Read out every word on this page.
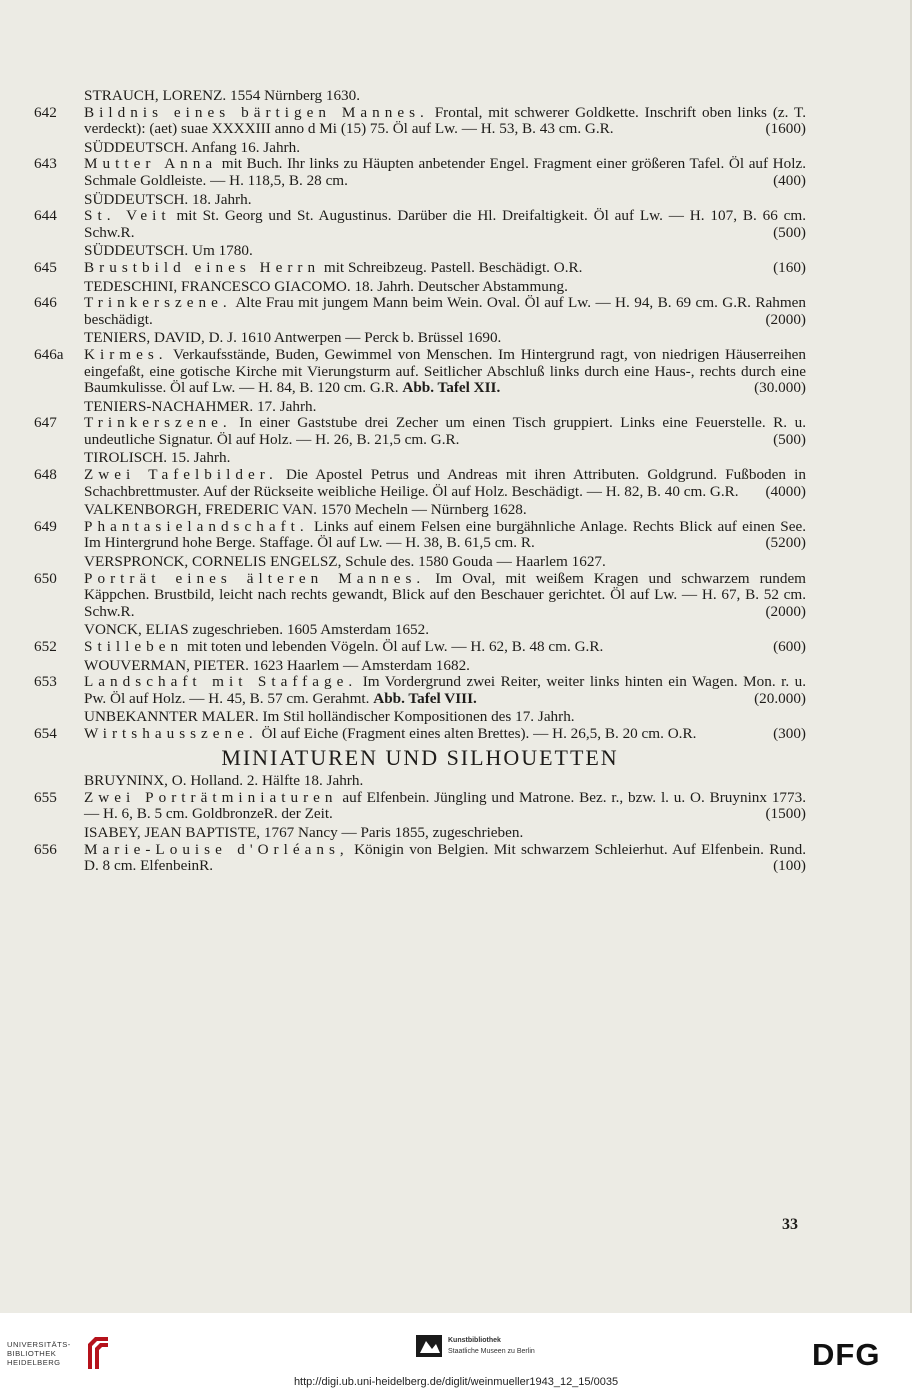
STRAUCH, LORENZ. 1554 Nürnberg 1630.
642	Bildnis eines bärtigen Mannes. Frontal, mit schwerer Goldkette. Inschrift oben links (z. T. verdeckt): (aet) suae XXXXIII anno d Mi (15) 75. Öl auf Lw. — H. 53, B. 43 cm. G.R.	(1600)
SÜDDEUTSCH. Anfang 16. Jahrh.
643	Mutter Anna mit Buch. Ihr links zu Häupten anbetender Engel. Fragment einer größeren Tafel. Öl auf Holz. Schmale Goldleiste. — H. 118,5, B. 28 cm.	(400)
SÜDDEUTSCH. 18. Jahrh.
644	St. Veit mit St. Georg und St. Augustinus. Darüber die Hl. Dreifaltigkeit. Öl auf Lw. — H. 107, B. 66 cm. Schw.R.	(500)
SÜDDEUTSCH. Um 1780.
645	Brustbild eines Herrn mit Schreibzeug. Pastell. Beschädigt. O.R.	(160)
TEDESCHINI, FRANCESCO GIACOMO. 18. Jahrh. Deutscher Abstammung.
646	Trinkerszene. Alte Frau mit jungem Mann beim Wein. Oval. Öl auf Lw. — H. 94, B. 69 cm. G.R. Rahmen beschädigt.	(2000)
TENIERS, DAVID, D. J. 1610 Antwerpen — Perck b. Brüssel 1690.
646a	Kirmes. Verkaufsstände, Buden, Gewimmel von Menschen. Im Hintergrund ragt, von niedrigen Häuserreihen eingefaßt, eine gotische Kirche mit Vierungsturm auf. Seitlicher Abschluß links durch eine Haus-, rechts durch eine Baumkulisse. Öl auf Lw. — H. 84, B. 120 cm. G.R. Abb. Tafel XII.	(30.000)
TENIERS-NACHAHMER. 17. Jahrh.
647	Trinkerszene. In einer Gaststube drei Zecher um einen Tisch gruppiert. Links eine Feuerstelle. R. u. undeutliche Signatur. Öl auf Holz. — H. 26, B. 21,5 cm. G.R.	(500)
TIROLISCH. 15. Jahrh.
648	Zwei Tafelbilder. Die Apostel Petrus und Andreas mit ihren Attributen. Goldgrund. Fußboden in Schachbrettmuster. Auf der Rückseite weibliche Heilige. Öl auf Holz. Beschädigt. — H. 82, B. 40 cm. G.R.	(4000)
VALKENBORGH, FREDERIC VAN. 1570 Mecheln — Nürnberg 1628.
649	Phantasielandschaft. Links auf einem Felsen eine burgähnliche Anlage. Rechts Blick auf einen See. Im Hintergrund hohe Berge. Staffage. Öl auf Lw. — H. 38, B. 61,5 cm. R.	(5200)
VERSPRONCK, CORNELIS ENGELSZ, Schule des. 1580 Gouda — Haarlem 1627.
650	Porträt eines älteren Mannes. Im Oval, mit weißem Kragen und schwarzem rundem Käppchen. Brustbild, leicht nach rechts gewandt, Blick auf den Beschauer gerichtet. Öl auf Lw. — H. 67, B. 52 cm. Schw.R.	(2000)
VONCK, ELIAS zugeschrieben. 1605 Amsterdam 1652.
652	Stilleben mit toten und lebenden Vögeln. Öl auf Lw. — H. 62, B. 48 cm. G.R.	(600)
WOUVERMAN, PIETER. 1623 Haarlem — Amsterdam 1682.
653	Landschaft mit Staffage. Im Vordergrund zwei Reiter, weiter links hinten ein Wagen. Mon. r. u. Pw. Öl auf Holz. — H. 45, B. 57 cm. Gerahmt. Abb. Tafel VIII.	(20.000)
UNBEKANNTER MALER. Im Stil holländischer Kompositionen des 17. Jahrh.
654	Wirtshausszene. Öl auf Eiche (Fragment eines alten Brettes). — H. 26,5, B. 20 cm. O.R.	(300)
MINIATUREN UND SILHOUETTEN
BRUYNINX, O. Holland. 2. Hälfte 18. Jahrh.
655	Zwei Porträtminiaturen auf Elfenbein. Jüngling und Matrone. Bez. r., bzw. l. u. O. Bruyninx 1773. — H. 6, B. 5 cm. GoldbronzeR. der Zeit.	(1500)
ISABEY, JEAN BAPTISTE, 1767 Nancy — Paris 1855, zugeschrieben.
656	Marie-Louise d'Orléans, Königin von Belgien. Mit schwarzem Schleierhut. Auf Elfenbein. Rund. D. 8 cm. ElfenbeinR.	(100)
33
UNIVERSITÄTS-
BIBLIOTHEK
HEIDELBERG
Kunstbibliothek
Staatliche Museen zu Berlin	DFG
http://digi.ub.uni-heidelberg.de/diglit/weinmueller1943_12_15/0035
